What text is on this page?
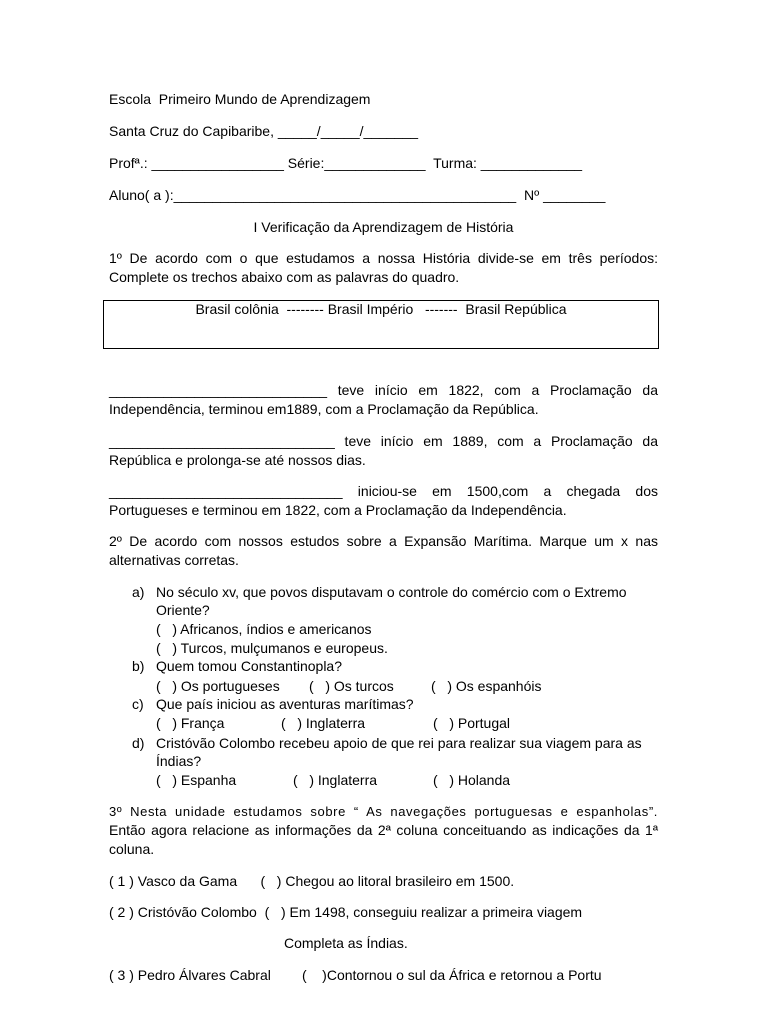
Escola  Primeiro Mundo de Aprendizagem
Santa Cruz do Capibaribe, _____/_____/_______
Profª.: _________________ Série:_____________  Turma: _____________
Aluno( a ):____________________________________________  Nº ________
I Verificação da Aprendizagem de História
1º De acordo com o que estudamos a nossa História divide-se em três períodos:
Complete os trechos abaixo com as palavras do quadro.
Brasil colônia  -------- Brasil Império   -------  Brasil República
____________________________ teve início em 1822, com a Proclamação da
Independência, terminou em1889, com a Proclamação da República.
_____________________________ teve início em 1889, com a Proclamação da
República e prolonga-se até nossos dias.
______________________________ iniciou-se em 1500,com a chegada dos
Portugueses e terminou em 1822, com a Proclamação da Independência.
2º De acordo com nossos estudos sobre a Expansão Marítima. Marque um x nas
alternativas corretas.
a) No século xv, que povos disputavam o controle do comércio com o Extremo
Oriente?
(   ) Africanos, índios e americanos
(   ) Turcos, mulçumanos e europeus.
b) Quem tomou Constantinopla?
(   ) Os portugueses (   ) Os turcos	(   ) Os espanhóis
c) Que país iniciou as aventuras marítimas?
(   ) França	(   ) Inglaterra	(   ) Portugal
d) Cristóvão Colombo recebeu apoio de que rei para realizar sua viagem para as
Índias?
(   ) Espanha	(   ) Inglaterra	(   ) Holanda
3º Nesta unidade estudamos sobre “ As navegações portuguesas e espanholas”.
Então agora relacione as informações da 2ª coluna conceituando as indicações da 1ª
coluna.
( 1 ) Vasco da Gama      (   ) Chegou ao litoral brasileiro em 1500.
( 2 ) Cristóvão Colombo  (   ) Em 1498, conseguiu realizar a primeira viagem
Completa as Índias.
( 3 ) Pedro Álvares Cabral        (    )Contornou o sul da África e retornou a Portu
